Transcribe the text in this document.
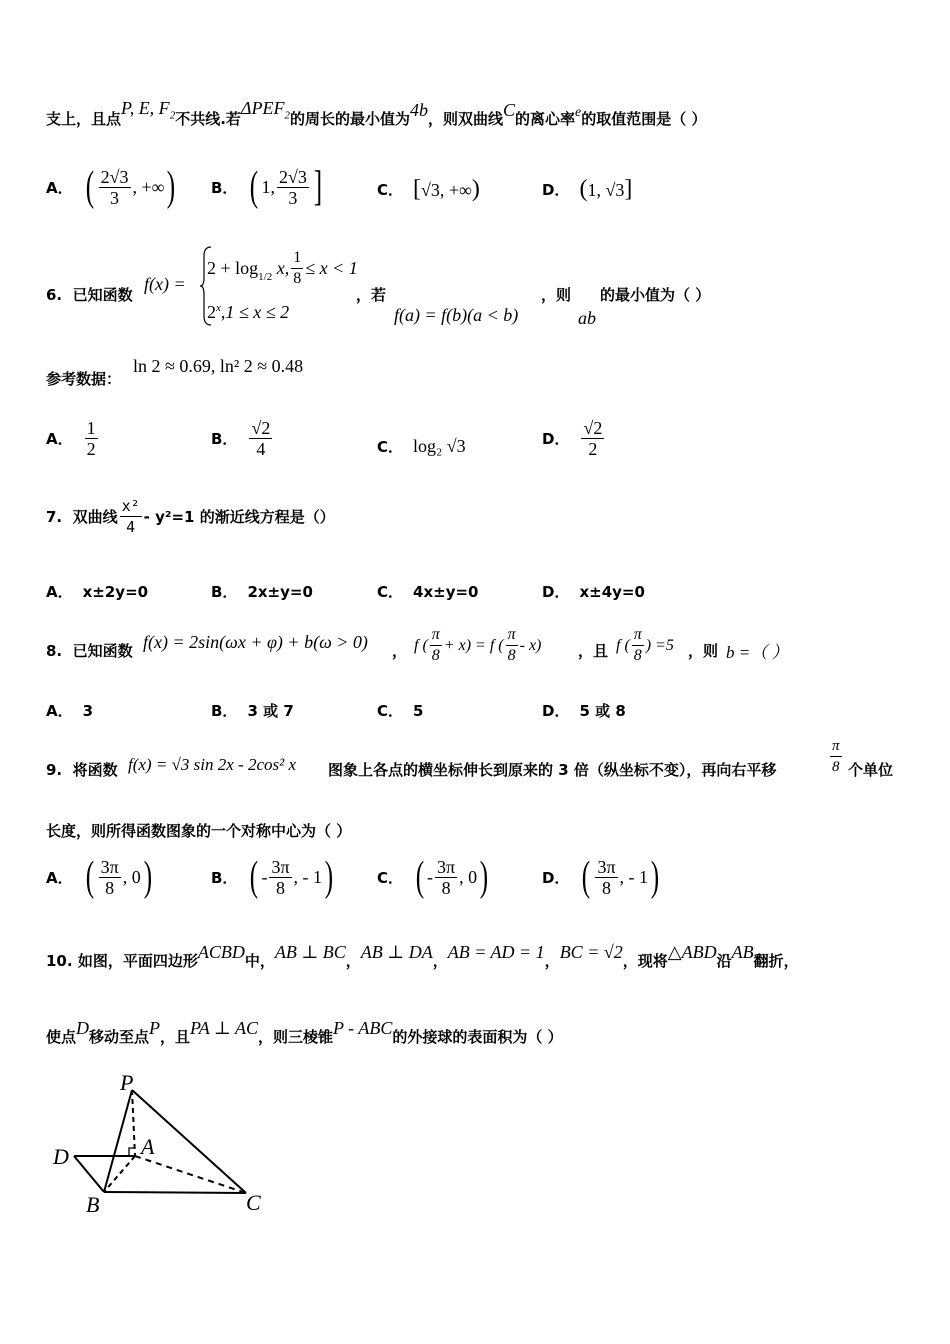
支上，且点P, E, $F_2$不共线.若$\Delta PEF_2$的周长的最小值为4b，则双曲线C的离心率e的取值范围是（ ）
A． ( $\frac{2√3}{3}$ , +∞ ) B． ( 1, $\frac{2√3}{3}$ ]	C． [√3, +∞)	D． (1, √3]
6. 已知函数
f(x) =
2 + log 1/2
x, $\frac{1}{8} \le x < 1$
$2^x,1 \le x \le 2$
，若
f(a) = f(b)(a < b)
，则
ab
的最小值为（ ）
参考数据：
ln 2 ≈ 0.69, ln² 2 ≈ 0.48
A． $\frac{1}{2}$	B． $\frac{√2}{4}$	C． log₂ √3	D． $\frac{√2}{2}$
7.
双曲线 $\frac{\text{x²}}{4} - y^2=1$ 的渐近线方程是（）
A． x±2y=0	B． 2x±y=0	C． 4x±y=0	D． x±4y=0
8. 已知函数 f(x) = 2sin(ωx + φ) + b(ω > 0) ， f ( $\frac{\pi}{8} + x) = f$ ( $\frac{\pi}{8} - x$) ，且 f ( $\frac{\pi}{8}$ ) =5 ，则 b =（ ）
A． 3	B． 3 或 7	C． 5	D． 5 或 8
9. 将函数 f(x) = √3 sin 2x - 2cos² x 图象上各点的横坐标伸长到原来的 3 倍（纵坐标不变），再向右平移	$\frac{\pi}{8}$ 个单位
长度，则所得函数图象的一个对称中心为（ ）
A． ( $\frac{3\pi}{8}$ , 0 )	B． ( - $\frac{3\pi}{8}$ , - 1 )	C． ( - $\frac{3\pi}{8}$ , 0 )	D． ( $\frac{3\pi}{8}$ , - 1 )
10. 如图，平面四边形ACBD中，AB ⊥ BC，AB ⊥ DA，AB = AD = 1，BC = √2，现将△ABD沿AB翻折，
使点D移动至点P，且PA ⊥ AC，则三棱锥P - ABC的外接球的表面积为（ ）
P
A
D
B	C
